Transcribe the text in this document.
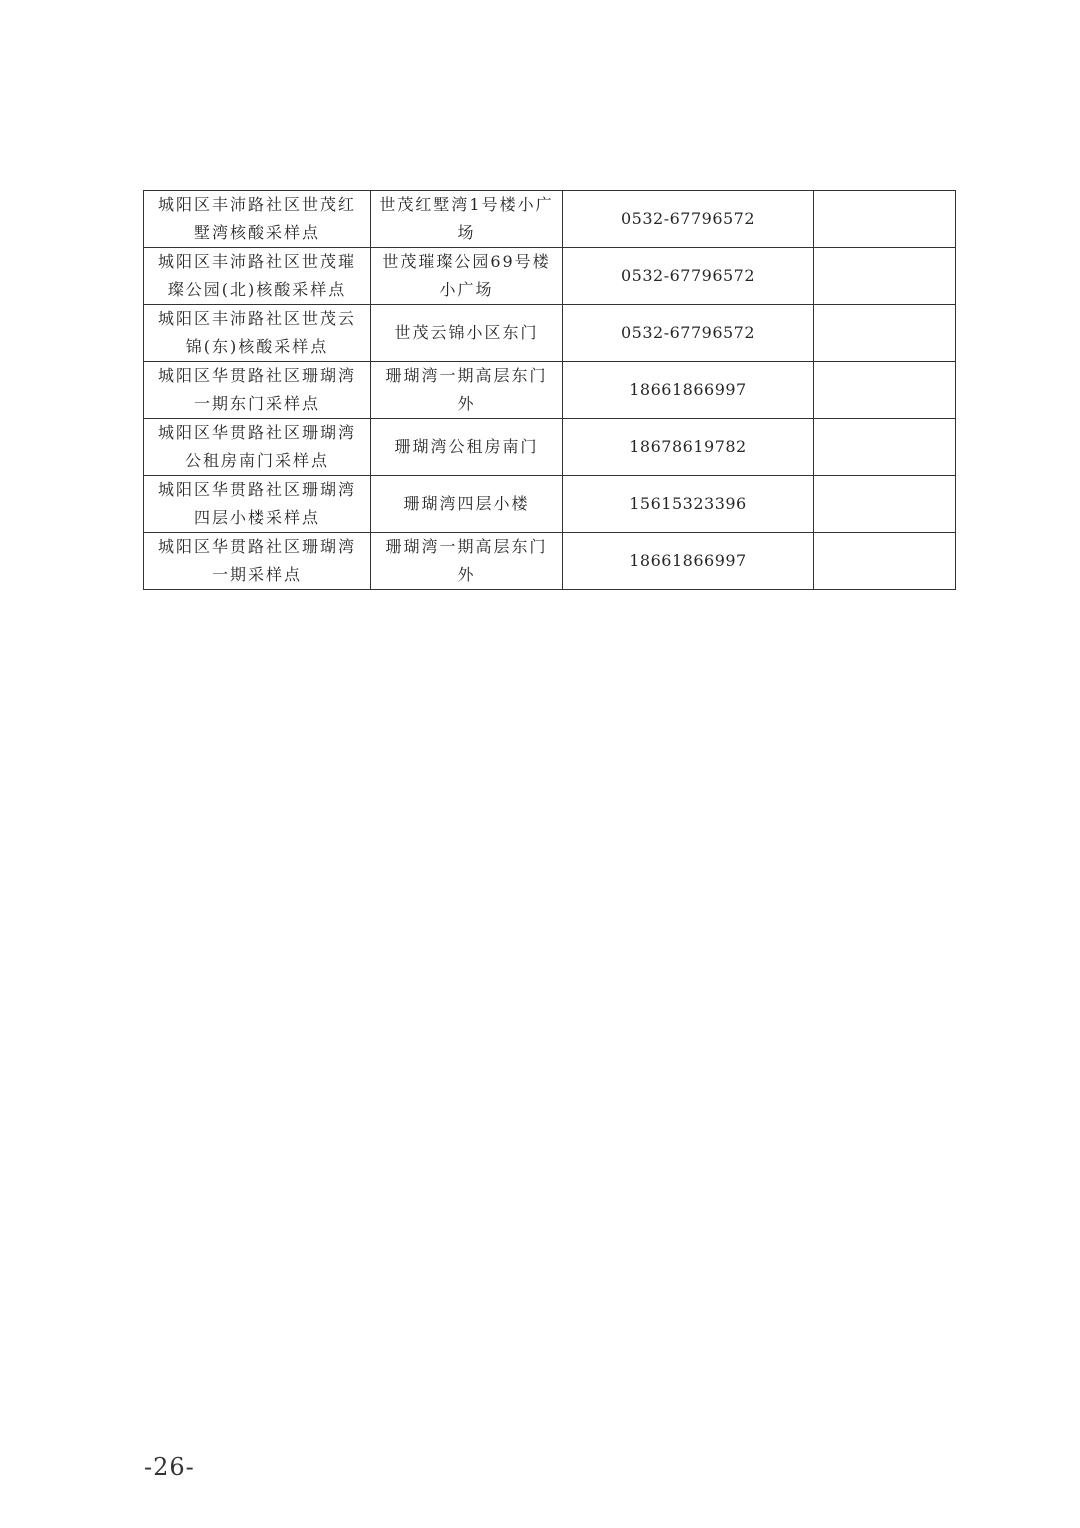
城阳区丰沛路社区世茂红墅湾核酸采样点	世茂红墅湾1号楼小广场	0532-67796572	
城阳区丰沛路社区世茂璀璨公园(北)核酸采样点	世茂璀璨公园69号楼小广场	0532-67796572	
城阳区丰沛路社区世茂云锦(东)核酸采样点	世茂云锦小区东门	0532-67796572	
城阳区华贯路社区珊瑚湾一期东门采样点	珊瑚湾一期高层东门外	18661866997	
城阳区华贯路社区珊瑚湾公租房南门采样点	珊瑚湾公租房南门	18678619782	
城阳区华贯路社区珊瑚湾四层小楼采样点	珊瑚湾四层小楼	15615323396	
城阳区华贯路社区珊瑚湾一期采样点	珊瑚湾一期高层东门外	18661866997	
-26-
